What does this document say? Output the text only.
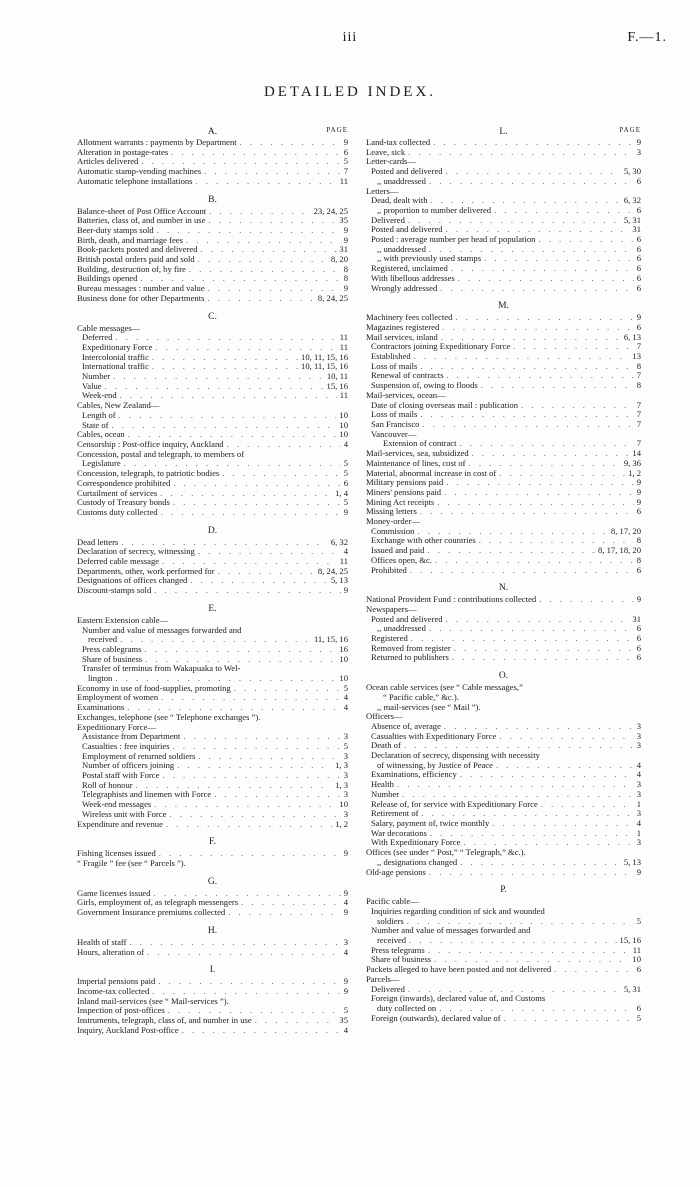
iii	F.—1.
DETAILED INDEX.
A.	PAGE
Allotment warrants : payments by Department . . .	9
Alteration in postage-rates . . .	6
Articles delivered . . .	5
Automatic stamp-vending machines . . .	7
Automatic telephone installations . . .	11
B.
Balance-sheet of Post Office Account . . .	23, 24, 25
Batteries, class of, and number in use . . .	35
Beer-duty stamps sold . . .	9
Birth, death, and marriage fees . . .	9
Book-packets posted and delivered . . .	31
British postal orders paid and sold . . .	8, 20
Building, destruction of, by fire . . .	8
Buildings opened . . .	8
Bureau messages : number and value . . .	9
Business done for other Departments . . .	8, 24, 25
C.
Cable messages—
Deferred . . .	11
Expeditionary Force . . .	11
Intercolonial traffic . . .	10, 11, 15, 16
International traffic . . .	10, 11, 15, 16
Number . . .	10, 11
Value . . .	15, 16
Week-end . . .	11
Cables, New Zealand—
Length of . . .	10
State of . . .	10
Cables, ocean . . .	10
Censorship : Post-office inquiry, Auckland . . .	4
Concession, postal and telegraph, to members of
Legislature . . .	5
Concession, telegraph, to patriotic bodies . . .	5
Correspondence prohibited . . .	6
Curtailment of services . . .	1, 4
Custody of Treasury bonds . . .	5
Customs duty collected . . .	9
D.
Dead letters . . .	6, 32
Declaration of secrecy, witnessing . . .	4
Deferred cable message . . .	11
Departments, other, work performed for . . .	8, 24, 25
Designations of offices changed . . .	5, 13
Discount-stamps sold . . .	9
E.
Eastern Extension cable—
Number and value of messages forwarded and
received . . .	11, 15, 16
Press cablegrams . . .	16
Share of business . . .	10
Transfer of terminus from Wakapuaka to Wel-
lington . . .	10
Economy in use of food-supplies, promoting . . .	5
Employment of women . . .	4
Examinations . . .	4
Exchanges, telephone (see “ Telephone exchanges ”).
Expeditionary Force—
Assistance from Department . . .	3
Casualties : free inquiries . . .	5
Employment of returned soldiers . . .	3
Number of officers joining . . .	1, 3
Postal staff with Force . . .	3
Roll of honour . . .	1, 3
Telegraphists and linemen with Force . . .	3
Week-end messages . . .	10
Wireless unit with Force . . .	3
Expenditure and revenue . . .	1, 2
F.
Fishing licenses issued . . .	9
“ Fragile ” fee (see “ Parcels ”).
G.
Game licenses issued . . .	9
Girls, employment of, as telegraph messengers . . .	4
Government Insurance premiums collected . . .	9
H.
Health of staff . . .	3
Hours, alteration of . . .	4
I.
Imperial pensions paid . . .	9
Income-tax collected . . .	9
Inland mail-services (see “ Mail-services ”).
Inspection of post-offices . . .	5
Instruments, telegraph, class of, and number in use . . .	35
Inquiry, Auckland Post-office . . .	4
L.	PAGE
Land-tax collected . . .	9
Leave, sick . . .	3
Letter-cards—
Posted and delivered . . .	5, 30
,, unaddressed . . .	6
Letters—
Dead, dealt with . . .	6, 32
,, proportion to number delivered . . .	6
Delivered . . .	5, 31
Posted and delivered . . .	31
Posted : average number per head of population . . .	6
,, unaddressed . . .	6
,, with previously used stamps . . .	6
Registered, unclaimed . . .	6
With libellous addresses . . .	6
Wrongly addressed . . .	6
M.
Machinery fees collected . . .	9
Magazines registered . . .	6
Mail services, inland . . .	6, 13
Contractors joining Expeditionary Force . . .	7
Established . . .	13
Loss of mails . . .	8
Renewal of contracts . . .	7
Suspension of, owing to floods . . .	8
Mail-services, ocean—
Date of closing overseas mail : publication . . .	7
Loss of mails . . .	7
San Francisco . . .	7
Vancouver—
Extension of contract . . .	7
Mail-services, sea, subsidized . . .	14
Maintenance of lines, cost of . . .	9, 36
Material, abnormal increase in cost of . . .	1, 2
Military pensions paid . . .	9
Miners' pensions paid . . .	9
Mining Act receipts . . .	9
Missing letters . . .	6
Money-order—
Commission . . .	8, 17, 20
Exchange with other countries . . .	8
Issued and paid . . .	8, 17, 18, 20
Offices open, &c. . . .	8
Prohibited . . .	6
N.
National Provident Fund : contributions collected . . .	9
Newspapers—
Posted and delivered . . .	31
,, unaddressed . . .	6
Registered . . .	6
Removed from register . . .	6
Returned to publishers . . .	6
O.
Ocean cable services (see “ Cable messages,”
“ Pacific cable,” &c.).
,, mail-services (see “ Mail ”).
Officers—
Absence of, average . . .	3
Casualties with Expeditionary Force . . .	3
Death of . . .	3
Declaration of secrecy, dispensing with necessity
of witnessing, by Justice of Peace . . .	4
Examinations, efficiency . . .	4
Health . . .	3
Number . . .	3
Release of, for service with Expeditionary Force . . .	1
Retirement of . . .	3
Salary, payment of, twice monthly . . .	4
War decorations . . .	1
With Expeditionary Force . . .	3
Offices (see under “ Post,” “ Telegraph,” &c.).
,, designations changed . . .	5, 13
Old-age pensions . . .	9
P.
Pacific cable—
Inquiries regarding condition of sick and wounded
soldiers . . .	5
Number and value of messages forwarded and
received . . .	15, 16
Press telegrams . . .	11
Share of business . . .	10
Packets alleged to have been posted and not delivered . . .	6
Parcels—
Delivered . . .	5, 31
Foreign (inwards), declared value of, and Customs
duty collected on . . .	6
Foreign (outwards), declared value of . . .	5
